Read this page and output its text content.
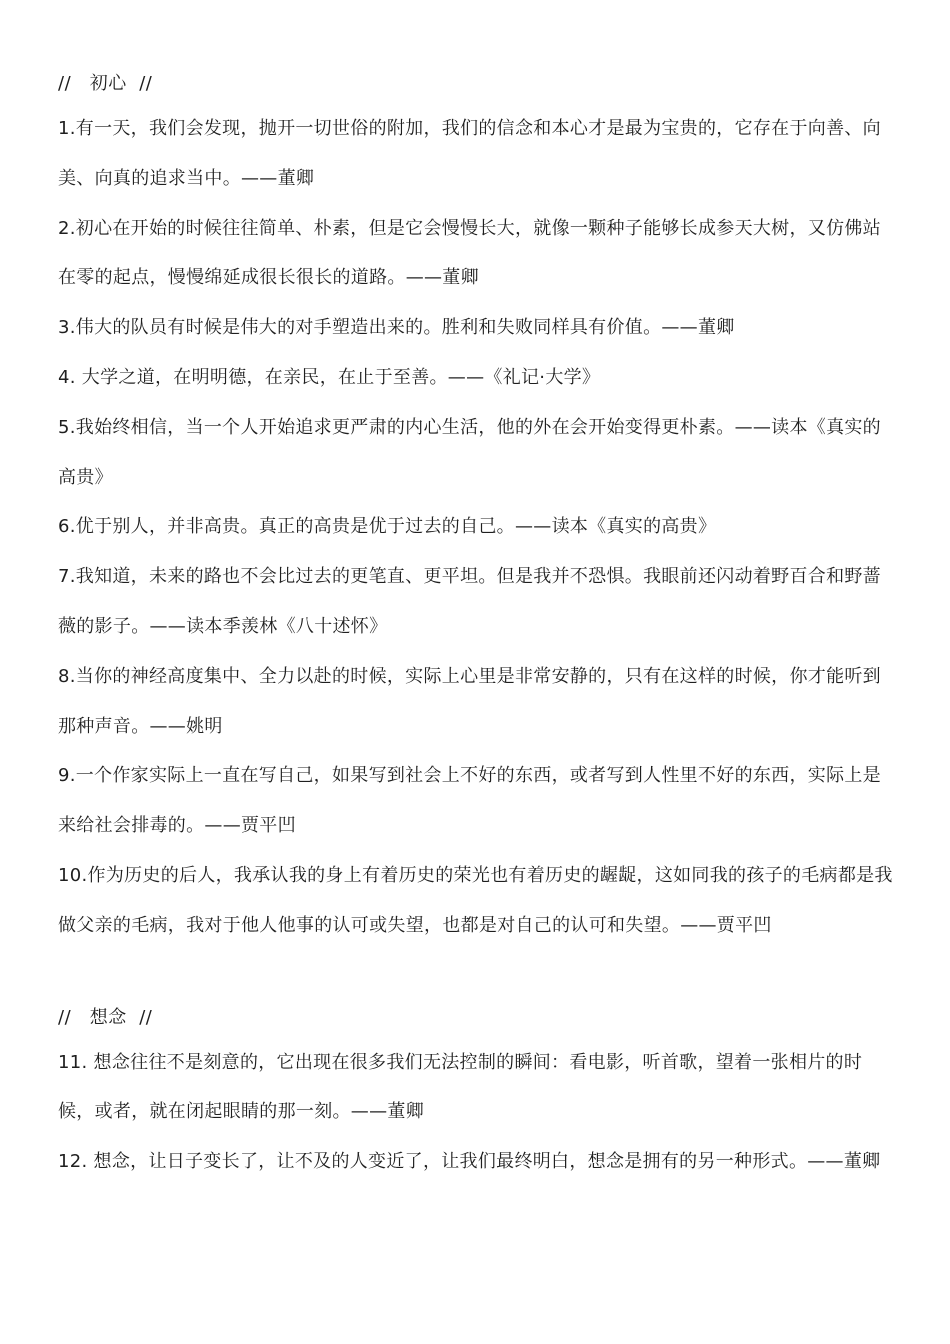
//   初心  //

1.有一天，我们会发现，抛开一切世俗的附加，我们的信念和本心才是最为宝贵的，它存在于向善、向美、向真的追求当中。——董卿

2.初心在开始的时候往往简单、朴素，但是它会慢慢长大，就像一颗种子能够长成参天大树，又仿佛站在零的起点，慢慢绵延成很长很长的道路。——董卿

3.伟大的队员有时候是伟大的对手塑造出来的。胜利和失败同样具有价值。——董卿

4. 大学之道，在明明德，在亲民，在止于至善。——《礼记·大学》

5.我始终相信，当一个人开始追求更严肃的内心生活，他的外在会开始变得更朴素。——读本《真实的高贵》

6.优于别人，并非高贵。真正的高贵是优于过去的自己。——读本《真实的高贵》

7.我知道，未来的路也不会比过去的更笔直、更平坦。但是我并不恐惧。我眼前还闪动着野百合和野蔷薇的影子。——读本季羡林《八十述怀》

8.当你的神经高度集中、全力以赴的时候，实际上心里是非常安静的，只有在这样的时候，你才能听到那种声音。——姚明

9.一个作家实际上一直在写自己，如果写到社会上不好的东西，或者写到人性里不好的东西，实际上是来给社会排毒的。——贾平凹

10.作为历史的后人，我承认我的身上有着历史的荣光也有着历史的龌龊，这如同我的孩子的毛病都是我做父亲的毛病，我对于他人他事的认可或失望，也都是对自己的认可和失望。——贾平凹

//   想念  //

11. 想念往往不是刻意的，它出现在很多我们无法控制的瞬间：看电影，听首歌，望着一张相片的时候，或者，就在闭起眼睛的那一刻。——董卿

12. 想念，让日子变长了，让不及的人变近了，让我们最终明白，想念是拥有的另一种形式。——董卿
